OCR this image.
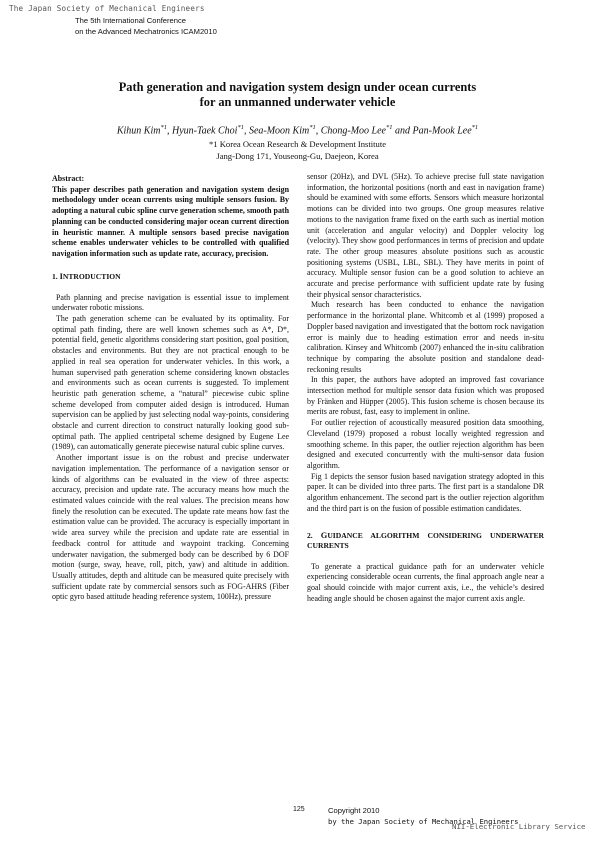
The Japan Society of Mechanical Engineers
The 5th International Conference
on the Advanced Mechatronics ICAM2010
Path generation and navigation system design under ocean currents
for an unmanned underwater vehicle
Kihun Kim$^{*1}$, Hyun-Taek Choi$^{*1}$, Sea-Moon Kim$^{*1}$, Chong-Moo Lee$^{*1}$ and Pan-Mook Lee$^{*1}$
*1 Korea Ocean Research & Development Institute
Jang-Dong 171, Youseong-Gu, Daejeon, Korea

Abstract:

This paper describes path generation and navigation system design methodology under ocean currents using multiple sensors fusion. By adopting a natural cubic spline curve generation scheme, smooth path planning can be conducted considering major ocean current direction in heuristic manner. A multiple sensors based precise navigation scheme enables underwater vehicles to be controlled with qualified navigation information such as update rate, accuracy, precision.

1. INTRODUCTION

Path planning and precise navigation is essential issue to implement underwater robotic missions.

The path generation scheme can be evaluated by its optimality. For optimal path finding, there are well known schemes such as A*, D*, potential field, genetic algorithms considering start position, goal position, obstacles and environments. But they are not practical enough to be applied in real sea operation for underwater vehicles. In this work, a human supervised path generation scheme considering known obstacles and environments such as ocean currents is suggested. To implement heuristic path generation scheme, a “natural” piecewise cubic spline scheme developed from computer aided design is introduced. Human supervision can be applied by just selecting nodal way-points, considering obstacle and current direction to construct naturally looking good sub-optimal path. The applied centripetal scheme designed by Eugene Lee (1989), can automatically generate piecewise natural cubic spline curves.

Another important issue is on the robust and precise underwater navigation implementation. The performance of a navigation sensor or kinds of algorithms can be evaluated in the view of three aspects: accuracy, precision and update rate. The accuracy means how much the estimated values coincide with the real values. The precision means how finely the resolution can be executed. The update rate means how fast the estimation value can be provided. The accuracy is especially important in wide area survey while the precision and update rate are essential in feedback control for attitude and waypoint tracking. Concerning underwater navigation, the submerged body can be described by 6 DOF motion (surge, sway, heave, roll, pitch, yaw) and altitude in addition. Usually attitudes, depth and altitude can be measured quite precisely with sufficient update rate by commercial sensors such as FOG-AHRS (Fiber optic gyro based attitude heading reference system, 100Hz), pressure

sensor (20Hz), and DVL (5Hz). To achieve precise full state navigation information, the horizontal positions (north and east in navigation frame) should be examined with some efforts. Sensors which measure horizontal motions can be divided into two groups. One group measures relative motions to the navigation frame fixed on the earth such as inertial motion unit (acceleration and angular velocity) and Doppler velocity log (velocity). They show good performances in terms of precision and update rate. The other group measures absolute positions such as acoustic positioning systems (USBL, LBL, SBL). They have merits in point of accuracy. Multiple sensor fusion can be a good solution to achieve an accurate and precise performance with sufficient update rate by fusing their physical sensor characteristics.

Much research has been conducted to enhance the navigation performance in the horizontal plane. Whitcomb et al (1999) proposed a Doppler based navigation and investigated that the bottom rock navigation error is mainly due to heading estimation error and needs in-situ calibration. Kinsey and Whitcomb (2007) enhanced the in-situ calibration technique by comparing the absolute position and standalone dead-reckoning results

In this paper, the authors have adopted an improved fast covariance intersection method for multiple sensor data fusion which was proposed by Fränken and Hüpper (2005). This fusion scheme is chosen because its merits are robust, fast, easy to implement in online.

For outlier rejection of acoustically measured position data smoothing, Cleveland (1979) proposed a robust locally weighted regression and smoothing scheme. In this paper, the outlier rejection algorithm has been designed and executed concurrently with the multi-sensor data fusion algorithm.

Fig 1 depicts the sensor fusion based navigation strategy adopted in this paper. It can be divided into three parts. The first part is a standalone DR algorithm enhancement. The second part is the outlier rejection algorithm and the third part is on the fusion of possible estimation candidates.

2. GUIDANCE ALGORITHM CONSIDERING UNDERWATER CURRENTS

To generate a practical guidance path for an underwater vehicle experiencing considerable ocean currents, the final approach angle near a goal should coincide with major current axis, i.e., the vehicle’s desired heading angle should be chosen against the major current axis angle.

125	Copyright 2010
by the Japan Society of Mechanical Engineers
NII-Electronic Library Service
